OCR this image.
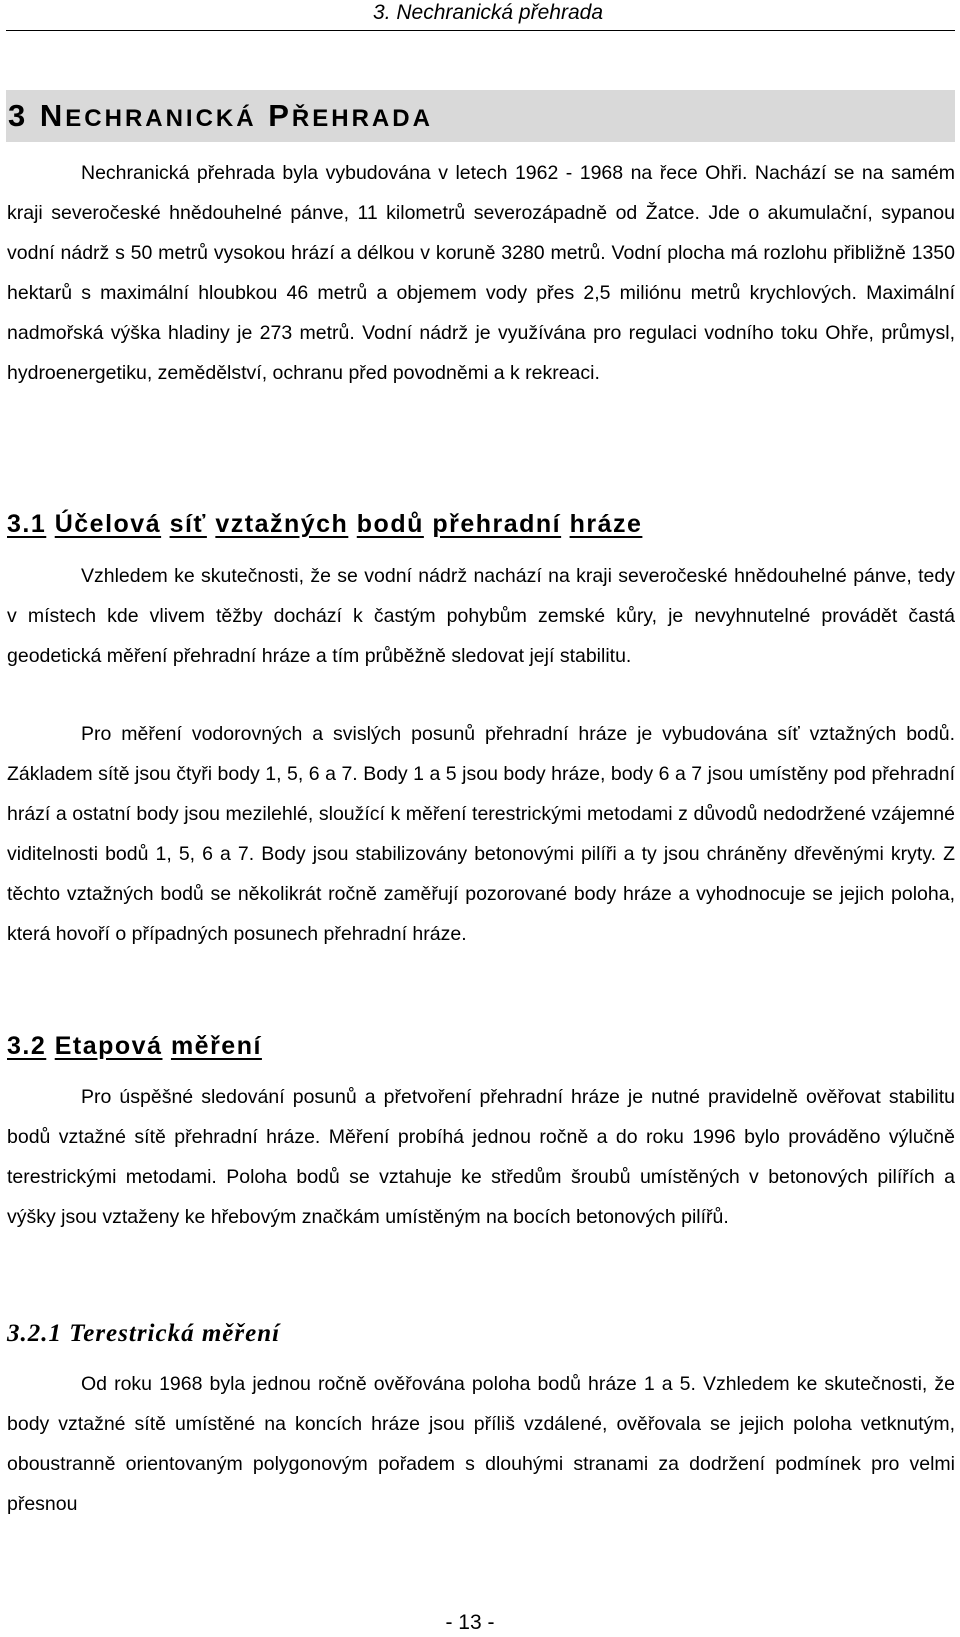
3. Nechranická přehrada
3 NECHRANICKÁ PŘEHRADA

Nechranická přehrada byla vybudována v letech 1962 - 1968 na řece Ohři. Nachází se na samém kraji severočeské hnědouhelné pánve, 11 kilometrů severozápadně od Žatce. Jde o akumulační, sypanou vodní nádrž s 50 metrů vysokou hrází a délkou v koruně 3280 metrů. Vodní plocha má rozlohu přibližně 1350 hektarů s maximální hloubkou 46 metrů a objemem vody přes 2,5 miliónu metrů krychlových. Maximální nadmořská výška hladiny je 273 metrů. Vodní nádrž je využívána pro regulaci vodního toku Ohře, průmysl, hydroenergetiku, zemědělství, ochranu před povodněmi a k rekreaci.

3.1 Účelová síť vztažných bodů přehradní hráze

Vzhledem ke skutečnosti, že se vodní nádrž nachází na kraji severočeské hnědouhelné pánve, tedy v místech kde vlivem těžby dochází k častým pohybům zemské kůry, je nevyhnutelné provádět častá geodetická měření přehradní hráze a tím průběžně sledovat její stabilitu.

Pro měření vodorovných a svislých posunů přehradní hráze je vybudována síť vztažných bodů. Základem sítě jsou čtyři body 1, 5, 6 a 7. Body 1 a 5 jsou body hráze, body 6 a 7 jsou umístěny pod přehradní hrází a ostatní body jsou mezilehlé, sloužící k měření terestrickými metodami z důvodů nedodržené vzájemné viditelnosti bodů 1, 5, 6 a 7. Body jsou stabilizovány betonovými pilíři a ty jsou chráněny dřevěnými kryty. Z těchto vztažných bodů se několikrát ročně zaměřují pozorované body hráze a vyhodnocuje se jejich poloha, která hovoří o případných posunech přehradní hráze.

3.2 Etapová měření

Pro úspěšné sledování posunů a přetvoření přehradní hráze je nutné pravidelně ověřovat stabilitu bodů vztažné sítě přehradní hráze. Měření probíhá jednou ročně a do roku 1996 bylo prováděno výlučně terestrickými metodami. Poloha bodů se vztahuje ke středům šroubů umístěných v betonových pilířích a výšky jsou vztaženy ke hřebovým značkám umístěným na bocích betonových pilířů.

3.2.1 Terestrická měření

Od roku 1968 byla jednou ročně ověřována poloha bodů hráze 1 a 5. Vzhledem ke skutečnosti, že body vztažné sítě umístěné na koncích hráze jsou příliš vzdálené, ověřovala se jejich poloha vetknutým, oboustranně orientovaným polygonovým pořadem s dlouhými stranami za dodržení podmínek pro velmi přesnou

- 13 -
